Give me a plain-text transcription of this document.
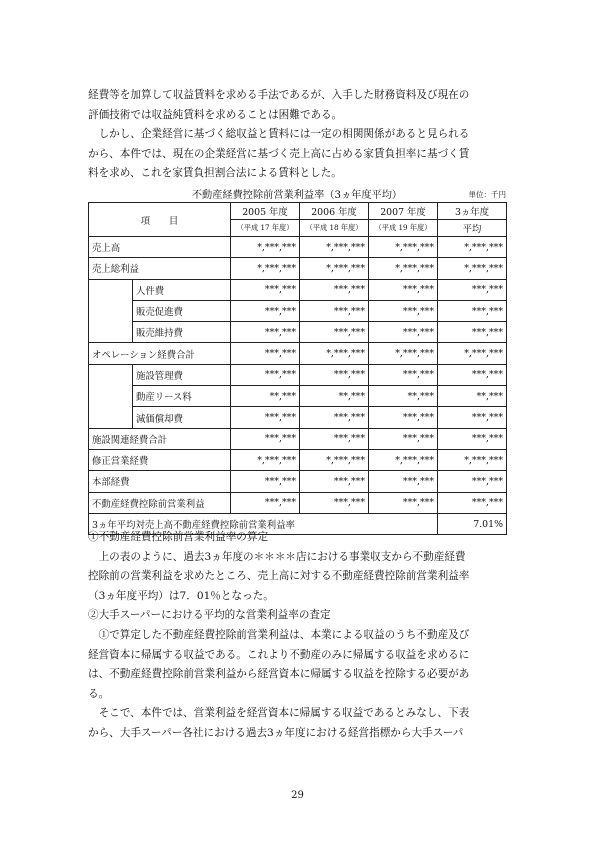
経費等を加算して収益賃料を求める手法であるが、入手した財務資料及び現在の

評価技術では収益純賃料を求めることは困難である。

　しかし、企業経営に基づく総収益と賃料には一定の相関関係があると見られる

から、本件では、現在の企業経営に基づく売上高に占める家賃負担率に基づく賃

料を求め、これを家賃負担割合法による賃料とした。

不動産経費控除前営業利益率（3ヵ年度平均）	単位：千円
項　　目		2005 年度	2006 年度	2007 年度	3ヵ年度
		（平成 17 年度）	（平成 18 年度）	（平成 19 年度）	平均
売上高		*,***,***	*,***,***	*,***,***	*,***,***
売上総利益		*,***,***	*,***,***	*,***,***	*,***,***
	人件費	***,***	***,***	***,***	***,***
	販売促進費	***,***	***,***	***,***	***,***
	販売維持費	***,***	***,***	***,***	***,***
オペレーション経費合計		***,***	*,***,***	*,***,***	*,***,***
	施設管理費	***,***	***,***	***,***	***,***
	動産リース料	**,***	**,***	**,***	**,***
	減価償却費	***,***	***,***	***,***	***,***
施設関連経費合計		***,***	***,***	***,***	***,***
修正営業経費		*,***,***	*,***,***	*,***,***	*,***,***
本部経費		***,***	***,***	***,***	***,***
不動産経費控除前営業利益		***,***	***,***	***,***	***,***
3ヵ年平均対売上高不動産経費控除前営業利益率					7.01%

①不動産経費控除前営業利益率の算定

　上の表のように、過去3ヵ年度の＊＊＊＊店における事業収支から不動産経費

控除前の営業利益を求めたところ、売上高に対する不動産経費控除前営業利益率

（3ヵ年度平均）は7．01％となった。

②大手スーパーにおける平均的な営業利益率の査定

　①で算定した不動産経費控除前営業利益は、本業による収益のうち不動産及び

経営資本に帰属する収益である。これより不動産のみに帰属する収益を求めるに

は、不動産経費控除前営業利益から経営資本に帰属する収益を控除する必要があ

る。

　そこで、本件では、営業利益を経営資本に帰属する収益であるとみなし、下表

から、大手スーパー各社における過去3ヵ年度における経営指標から大手スーパ

29
